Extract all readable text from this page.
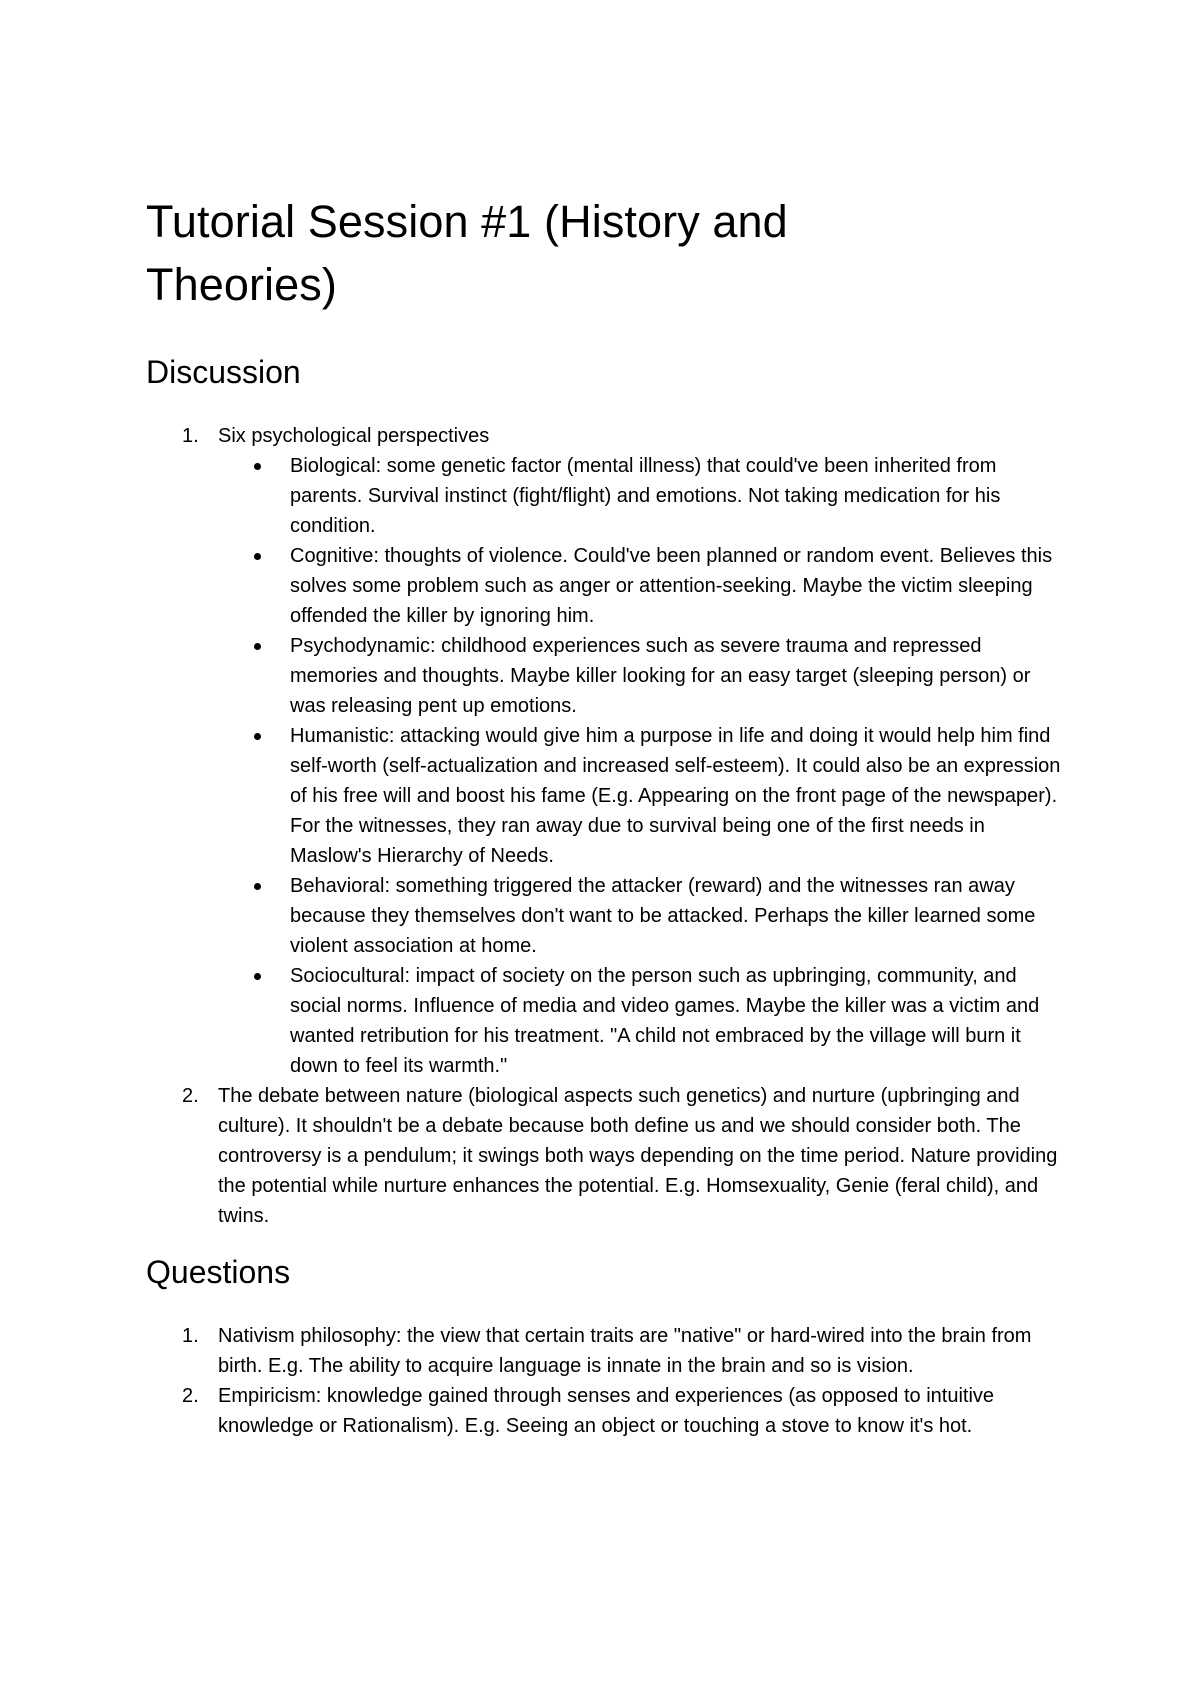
Tutorial Session #1 (History and Theories)
Discussion
1. Six psychological perspectives
Biological: some genetic factor (mental illness) that could've been inherited from parents. Survival instinct (fight/flight) and emotions. Not taking medication for his condition.
Cognitive: thoughts of violence. Could've been planned or random event. Believes this solves some problem such as anger or attention-seeking. Maybe the victim sleeping offended the killer by ignoring him.
Psychodynamic: childhood experiences such as severe trauma and repressed memories and thoughts. Maybe killer looking for an easy target (sleeping person) or was releasing pent up emotions.
Humanistic: attacking would give him a purpose in life and doing it would help him find self-worth (self-actualization and increased self-esteem). It could also be an expression of his free will and boost his fame (E.g. Appearing on the front page of the newspaper). For the witnesses, they ran away due to survival being one of the first needs in Maslow's Hierarchy of Needs.
Behavioral: something triggered the attacker (reward) and the witnesses ran away because they themselves don't want to be attacked. Perhaps the killer learned some violent association at home.
Sociocultural: impact of society on the person such as upbringing, community, and social norms. Influence of media and video games. Maybe the killer was a victim and wanted retribution for his treatment. "A child not embraced by the village will burn it down to feel its warmth."
2. The debate between nature (biological aspects such genetics) and nurture (upbringing and culture). It shouldn't be a debate because both define us and we should consider both. The controversy is a pendulum; it swings both ways depending on the time period. Nature providing the potential while nurture enhances the potential. E.g. Homsexuality, Genie (feral child), and twins.
Questions
1. Nativism philosophy: the view that certain traits are "native" or hard-wired into the brain from birth. E.g. The ability to acquire language is innate in the brain and so is vision.
2. Empiricism: knowledge gained through senses and experiences (as opposed to intuitive knowledge or Rationalism). E.g. Seeing an object or touching a stove to know it's hot.
